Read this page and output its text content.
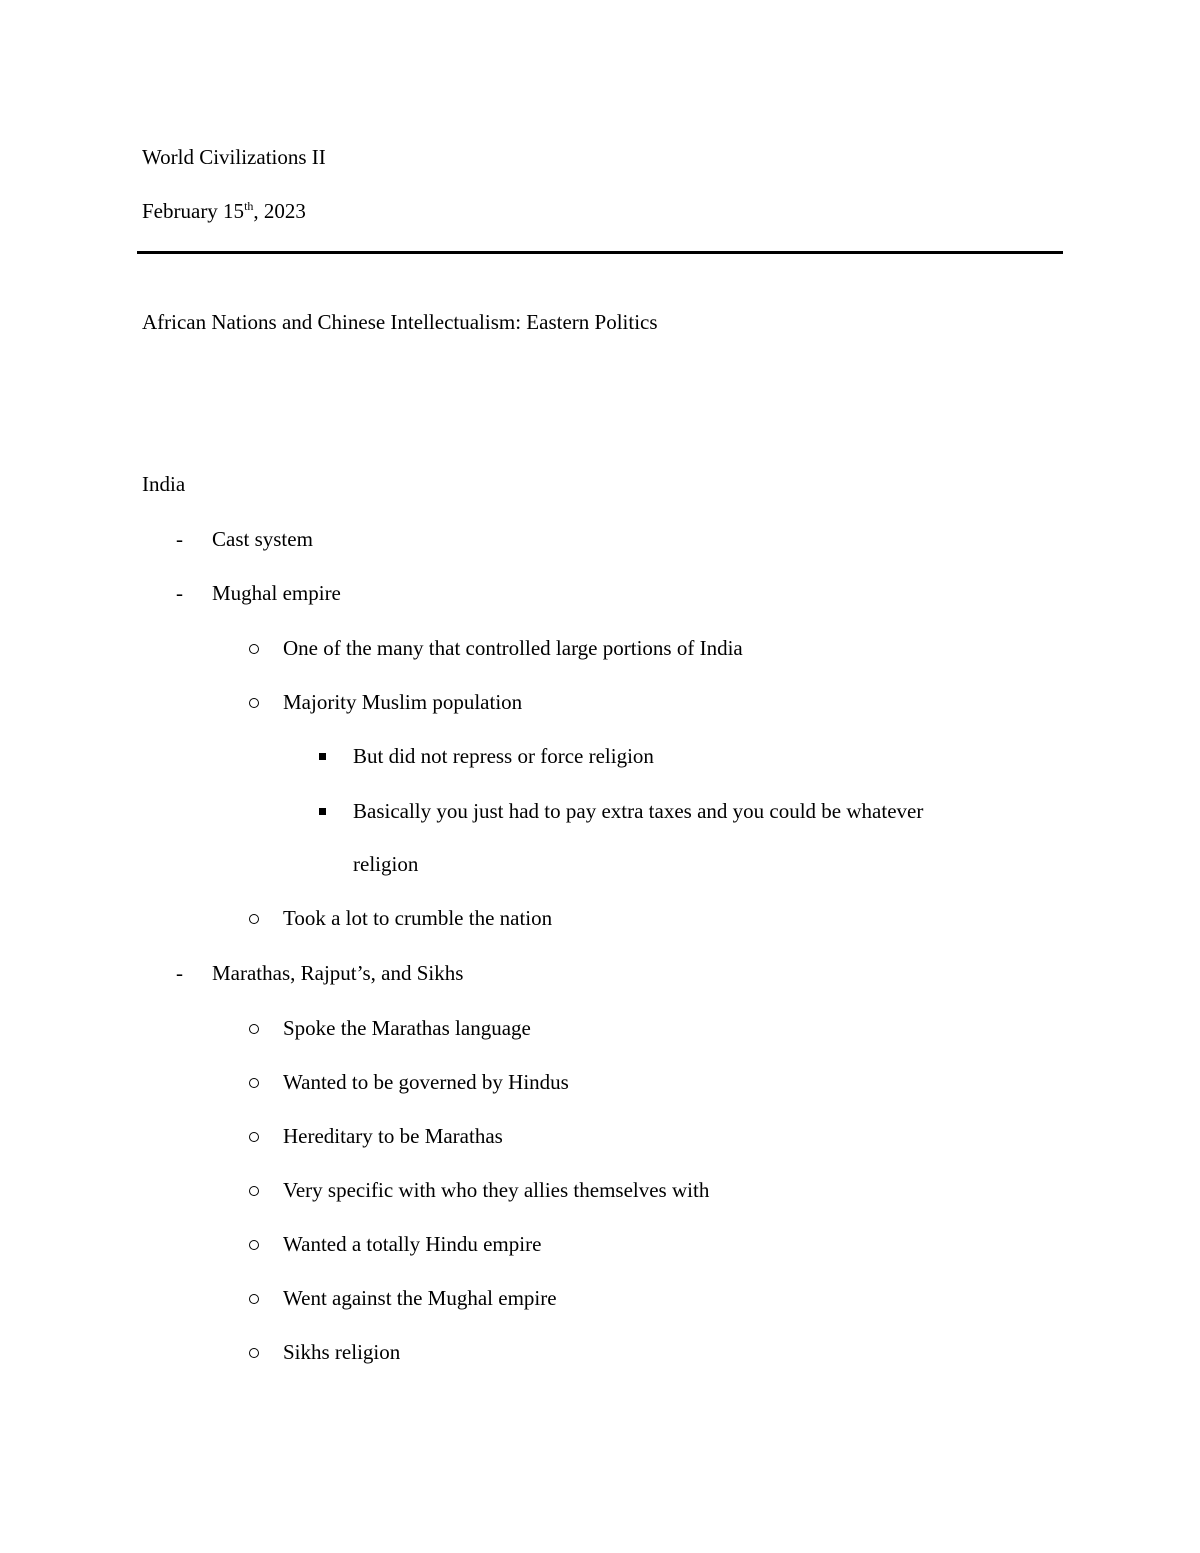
World Civilizations II
February 15th, 2023
African Nations and Chinese Intellectualism: Eastern Politics
India
- Cast system
- Mughal empire
One of the many that controlled large portions of India
Majority Muslim population
But did not repress or force religion
Basically you just had to pay extra taxes and you could be whatever
religion
Took a lot to crumble the nation
- Marathas, Rajput’s, and Sikhs
Spoke the Marathas language
Wanted to be governed by Hindus
Hereditary to be Marathas
Very specific with who they allies themselves with
Wanted a totally Hindu empire
Went against the Mughal empire
Sikhs religion
